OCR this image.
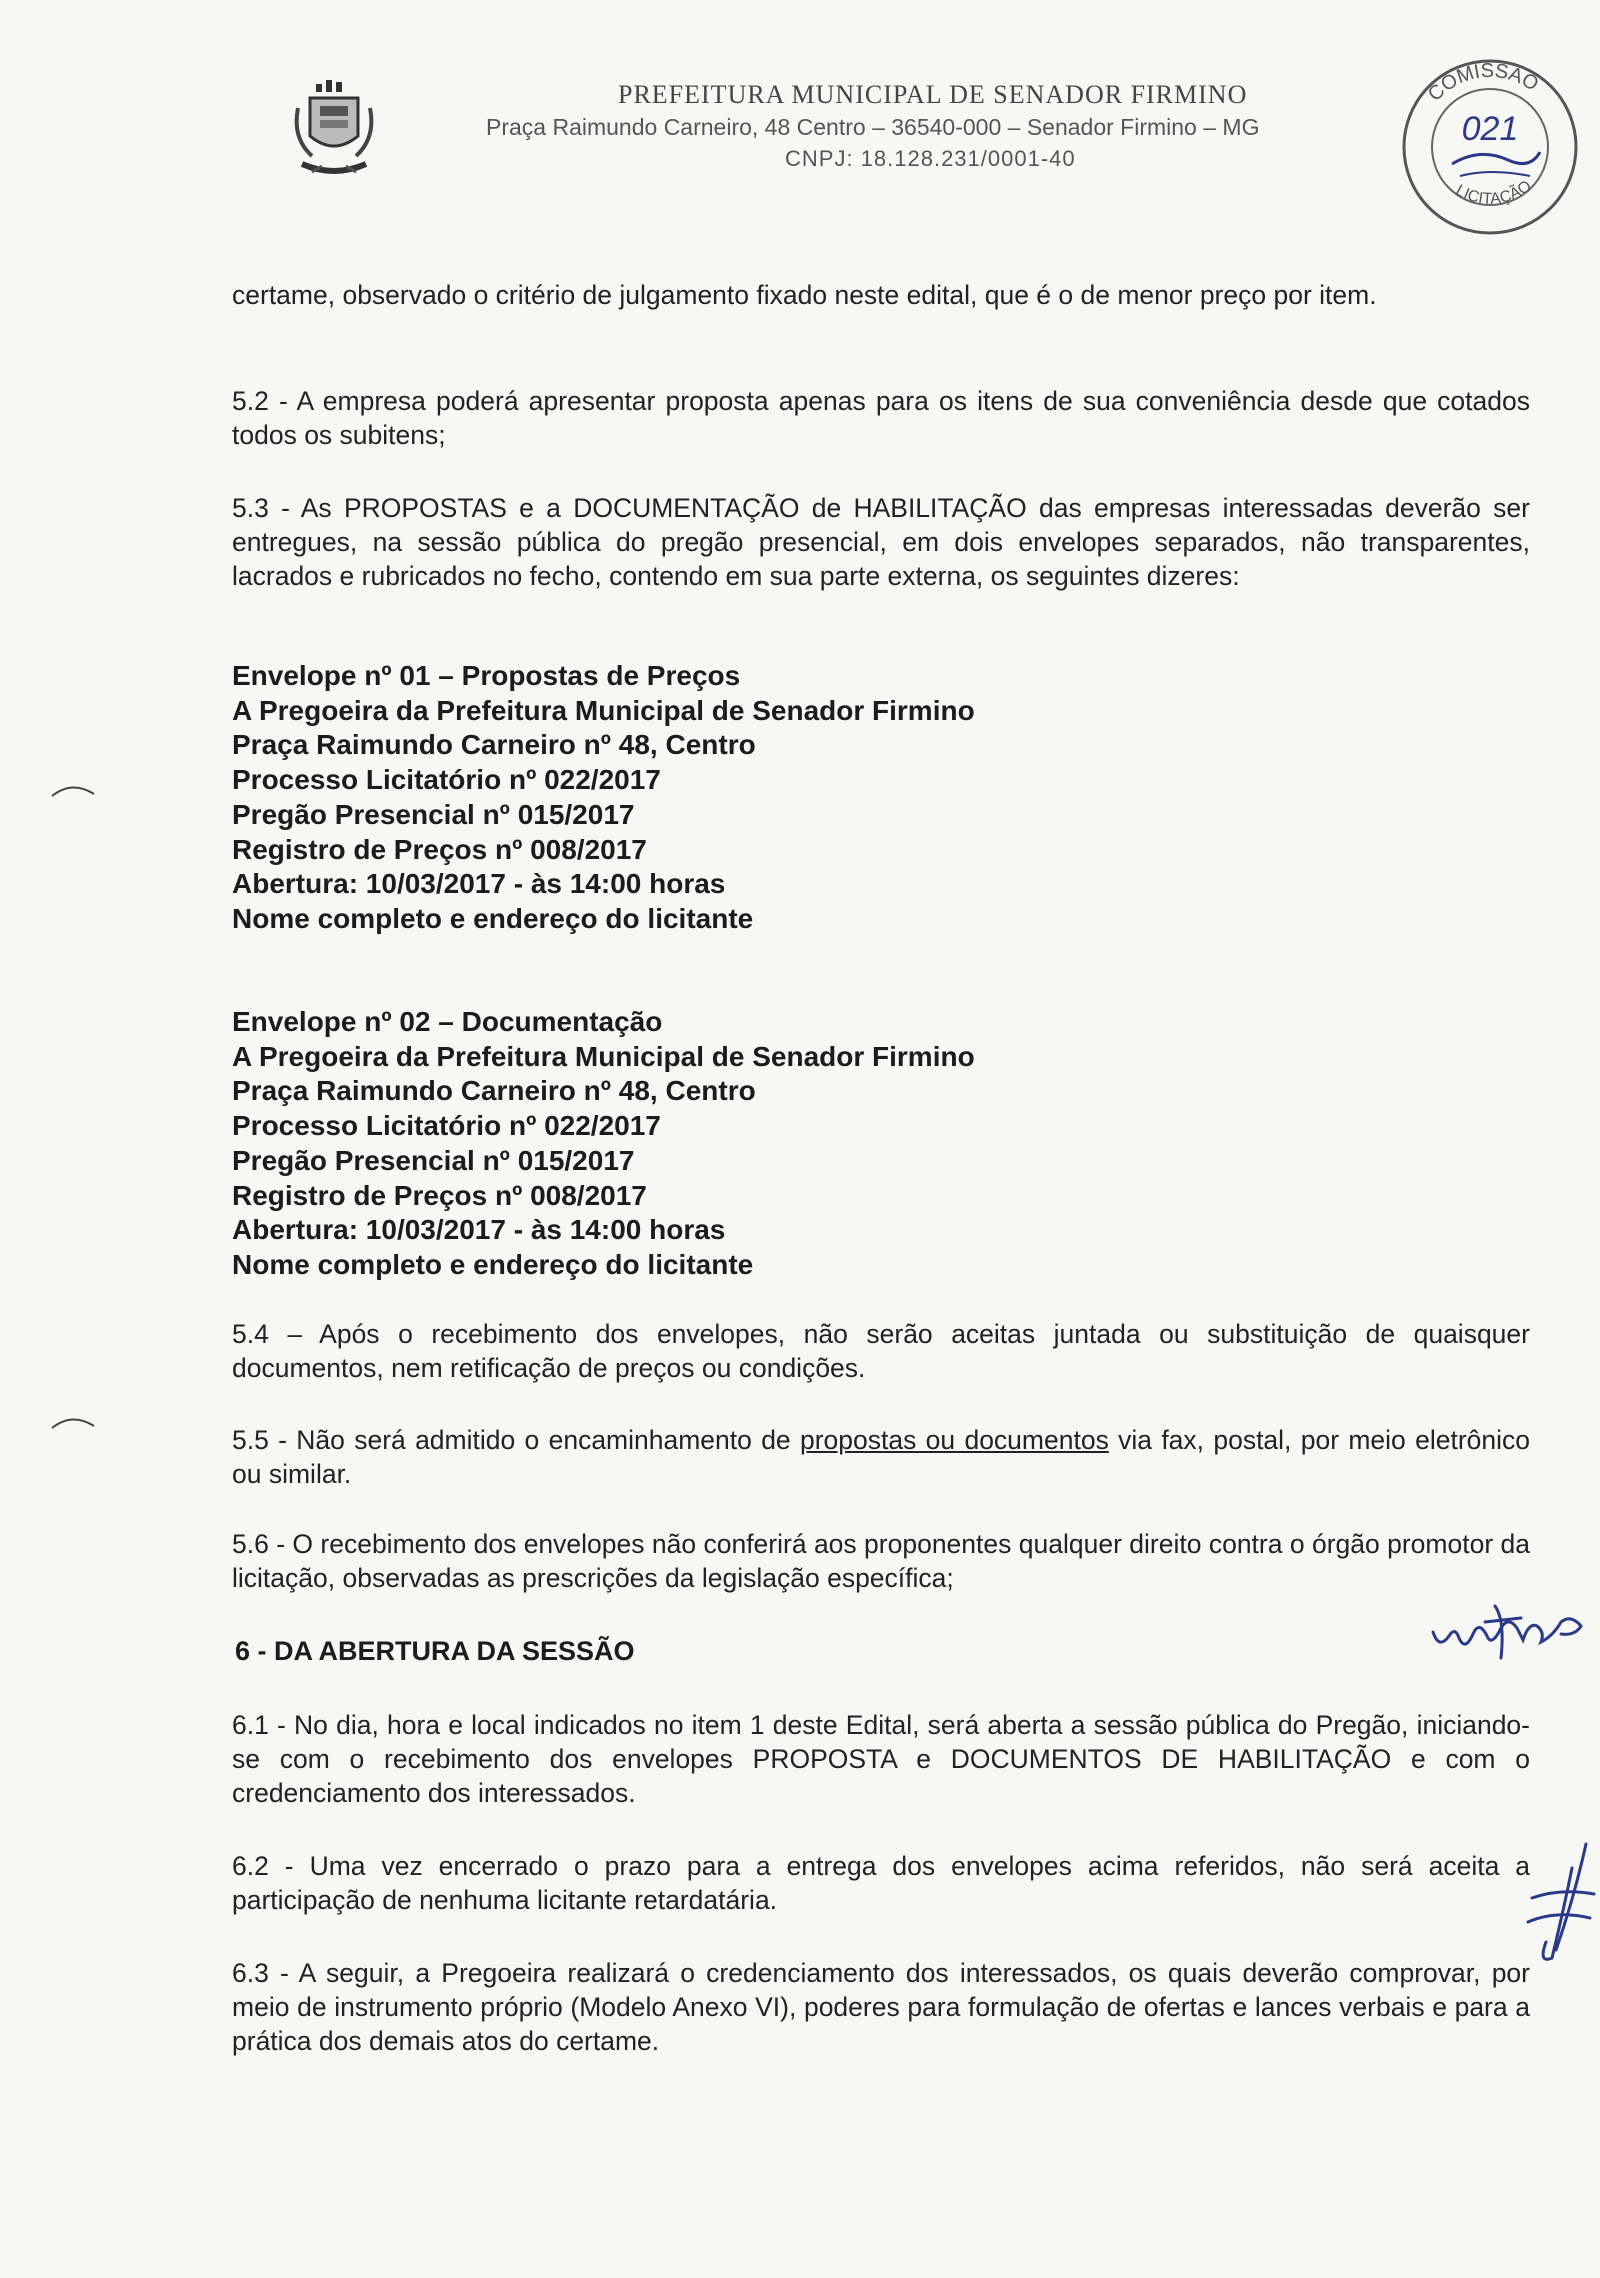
PREFEITURA MUNICIPAL DE SENADOR FIRMINO
Praça Raimundo Carneiro, 48 Centro – 36540-000 – Senador Firmino – MG
CNPJ: 18.128.231/0001-40
COMISSÃO
LICITAÇÃO
021
certame, observado o critério de julgamento fixado neste edital, que é o de menor preço por item.
5.2 - A empresa poderá apresentar proposta apenas para os itens de sua conveniência desde que cotados todos os subitens;
5.3 - As PROPOSTAS e a DOCUMENTAÇÃO de HABILITAÇÃO das empresas interessadas deverão ser entregues, na sessão pública do pregão presencial, em dois envelopes separados, não transparentes, lacrados e rubricados no fecho, contendo em sua parte externa, os seguintes dizeres:
Envelope nº 01 – Propostas de Preços
A Pregoeira da Prefeitura Municipal de Senador Firmino
Praça Raimundo Carneiro nº 48, Centro
Processo Licitatório nº 022/2017
Pregão Presencial nº 015/2017
Registro de Preços nº 008/2017
Abertura: 10/03/2017 - às 14:00 horas
Nome completo e endereço do licitante
Envelope nº 02 – Documentação
A Pregoeira da Prefeitura Municipal de Senador Firmino
Praça Raimundo Carneiro nº 48, Centro
Processo Licitatório nº 022/2017
Pregão Presencial nº 015/2017
Registro de Preços nº 008/2017
Abertura: 10/03/2017 - às 14:00 horas
Nome completo e endereço do licitante
5.4 – Após o recebimento dos envelopes, não serão aceitas juntada ou substituição de quaisquer documentos, nem retificação de preços ou condições.
5.5 - Não será admitido o encaminhamento de propostas ou documentos via fax, postal, por meio eletrônico ou similar.
5.6 - O recebimento dos envelopes não conferirá aos proponentes qualquer direito contra o órgão promotor da licitação, observadas as prescrições da legislação específica;
6 - DA ABERTURA DA SESSÃO
6.1 - No dia, hora e local indicados no item 1 deste Edital, será aberta a sessão pública do Pregão, iniciando-se com o recebimento dos envelopes PROPOSTA e DOCUMENTOS DE HABILITAÇÃO e com o credenciamento dos interessados.
6.2 - Uma vez encerrado o prazo para a entrega dos envelopes acima referidos, não será aceita a participação de nenhuma licitante retardatária.
6.3 - A seguir, a Pregoeira realizará o credenciamento dos interessados, os quais deverão comprovar, por meio de instrumento próprio (Modelo Anexo VI), poderes para formulação de ofertas e lances verbais e para a prática dos demais atos do certame.
